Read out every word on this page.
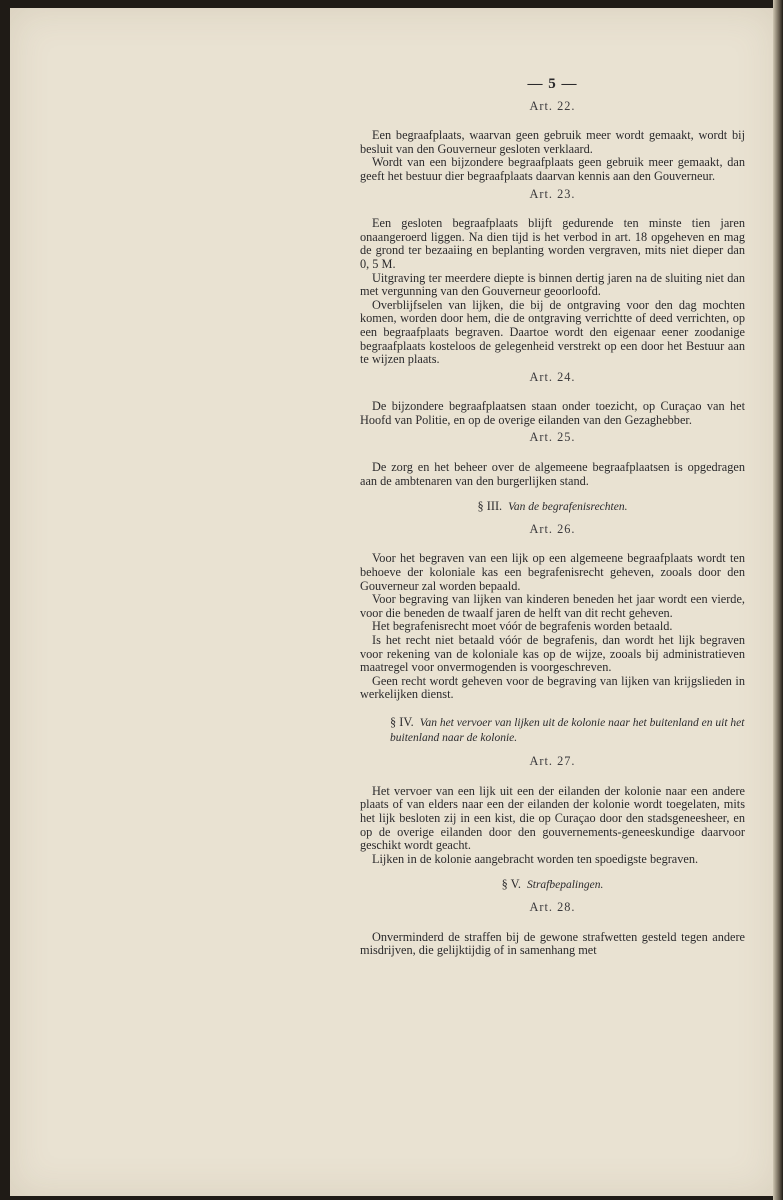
— 5 —
Art. 22.

Een begraafplaats, waarvan geen gebruik meer wordt gemaakt, wordt bij besluit van den Gouverneur gesloten verklaard.

Wordt van een bijzondere begraafplaats geen gebruik meer gemaakt, dan geeft het bestuur dier begraafplaats daarvan kennis aan den Gouverneur.

Art. 23.

Een gesloten begraafplaats blijft gedurende ten minste tien jaren onaangeroerd liggen. Na dien tijd is het verbod in art. 18 opgeheven en mag de grond ter bezaaiing en beplanting worden vergraven, mits niet dieper dan 0, 5 M.

Uitgraving ter meerdere diepte is binnen dertig jaren na de sluiting niet dan met vergunning van den Gouverneur geoorloofd.

Overblijfselen van lijken, die bij de ontgraving voor den dag mochten komen, worden door hem, die de ontgraving verrichtte of deed verrichten, op een begraafplaats begraven. Daartoe wordt den eigenaar eener zoodanige begraafplaats kosteloos de gelegenheid verstrekt op een door het Bestuur aan te wijzen plaats.

Art. 24.

De bijzondere begraafplaatsen staan onder toezicht, op Curaçao van het Hoofd van Politie, en op de overige eilanden van den Gezaghebber.

Art. 25.

De zorg en het beheer over de algemeene begraafplaatsen is opgedragen aan de ambtenaren van den burgerlijken stand.

§ III. Van de begrafenisrechten.
Art. 26.

Voor het begraven van een lijk op een algemeene begraafplaats wordt ten behoeve der koloniale kas een begrafenisrecht geheven, zooals door den Gouverneur zal worden bepaald.

Voor begraving van lijken van kinderen beneden het jaar wordt een vierde, voor die beneden de twaalf jaren de helft van dit recht geheven.

Het begrafenisrecht moet vóór de begrafenis worden betaald.

Is het recht niet betaald vóór de begrafenis, dan wordt het lijk begraven voor rekening van de koloniale kas op de wijze, zooals bij administratieven maatregel voor onvermogenden is voorgeschreven.

Geen recht wordt geheven voor de begraving van lijken van krijgslieden in werkelijken dienst.

§ IV. Van het vervoer van lijken uit de kolonie naar het buitenland en uit het buitenland naar de kolonie.
Art. 27.

Het vervoer van een lijk uit een der eilanden der kolonie naar een andere plaats of van elders naar een der eilanden der kolonie wordt toegelaten, mits het lijk besloten zij in een kist, die op Curaçao door den stadsgeneesheer, en op de overige eilanden door den gouvernements-geneeskundige daarvoor geschikt wordt geacht.

Lijken in de kolonie aangebracht worden ten spoedigste begraven.

§ V. Strafbepalingen.
Art. 28.

Onverminderd de straffen bij de gewone strafwetten gesteld tegen andere misdrijven, die gelijktijdig of in samenhang met
